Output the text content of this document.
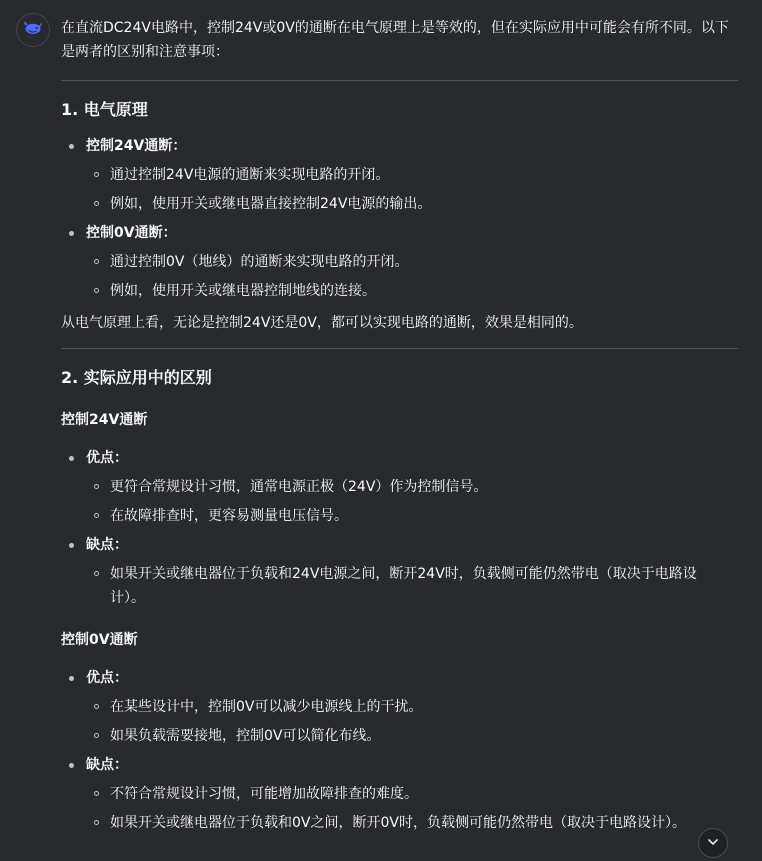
在直流DC24V电路中，控制24V或0V的通断在电气原理上是等效的，但在实际应用中可能会有所不同。以下是两者的区别和注意事项：

1. 电气原理
控制24V通断：
通过控制24V电源的通断来实现电路的开闭。
例如，使用开关或继电器直接控制24V电源的输出。
控制0V通断：
通过控制0V（地线）的通断来实现电路的开闭。
例如，使用开关或继电器控制地线的连接。

从电气原理上看，无论是控制24V还是0V，都可以实现电路的通断，效果是相同的。

2. 实际应用中的区别
控制24V通断
优点：
更符合常规设计习惯，通常电源正极（24V）作为控制信号。
在故障排查时，更容易测量电压信号。
缺点：
如果开关或继电器位于负载和24V电源之间，断开24V时，负载侧可能仍然带电（取决于电路设计）。
控制0V通断
优点：
在某些设计中，控制0V可以减少电源线上的干扰。
如果负载需要接地，控制0V可以简化布线。
缺点：
不符合常规设计习惯，可能增加故障排查的难度。
如果开关或继电器位于负载和0V之间，断开0V时，负载侧可能仍然带电（取决于电路设计）。
